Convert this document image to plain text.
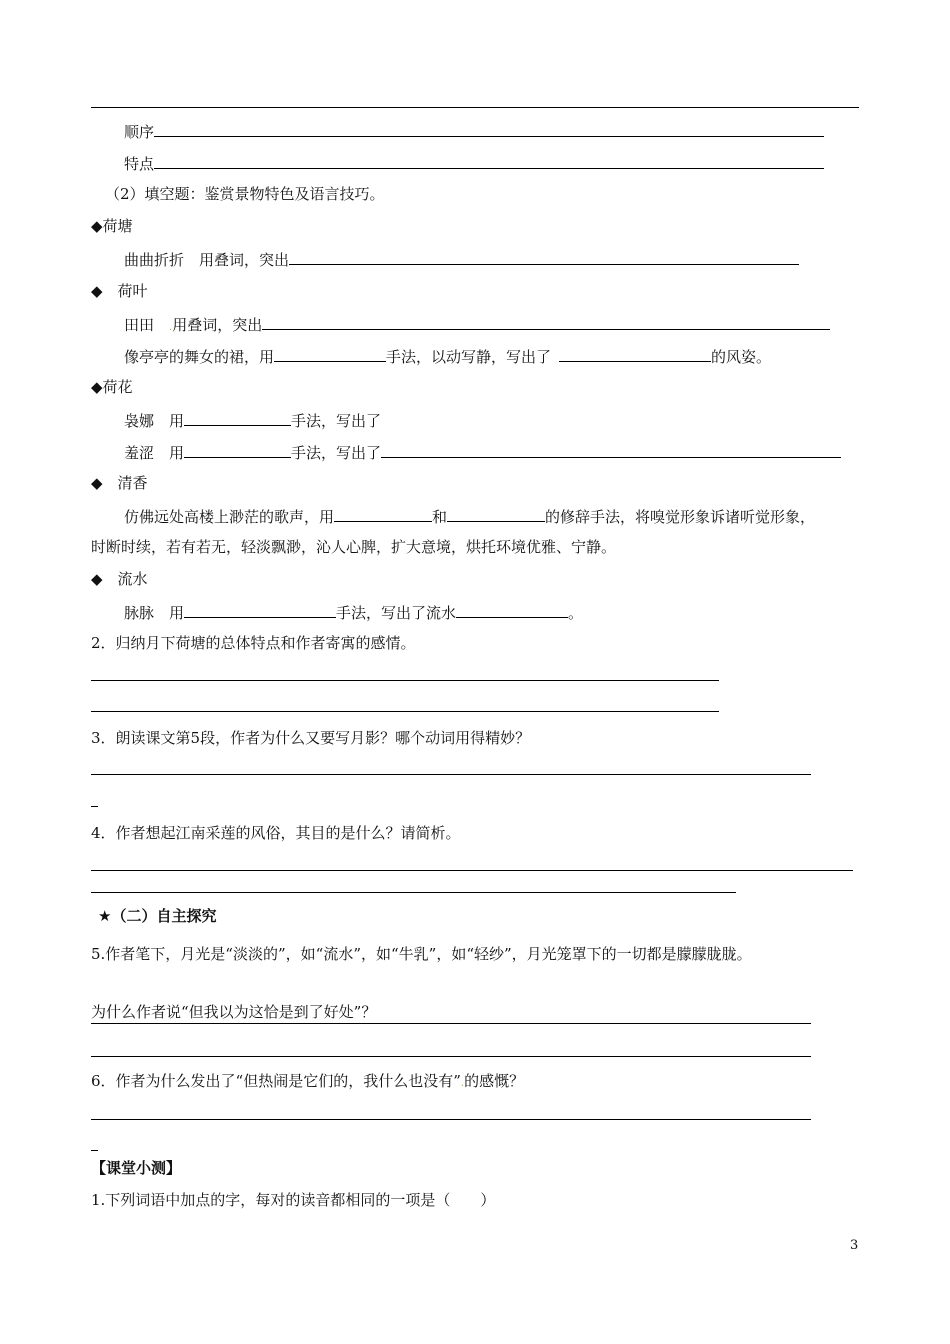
顺序
特点
（2）填空题：鉴赏景物特色及语言技巧。
◆荷塘
曲曲折折　用叠词，突出
◆　荷叶
田田　.用叠词，突出
像亭亭的舞女的裙，用	手法，以动写静，写出了	的风姿。
◆荷花
袅娜　用	手法，写出了
羞涩　用	手法，写出了
◆　清香
仿佛远处高楼上渺茫的歌声，用	和	的修辞手法，将嗅觉形象诉诸听觉形象，
时断时续，若有若无，轻淡飘渺，沁人心脾，扩大意境，烘托环境优雅、宁静。
◆　流水
脉脉　用	手法，写出了流水	。
2．归纳月下荷塘的总体特点和作者寄寓的感情。
3．朗读课文第5段，作者为什么又要写月影？哪个动词用得精妙？
4．作者想起江南采莲的风俗，其目的是什么？请简析。
★（二）自主探究
5.作者笔下，月光是“淡淡的”，如“流水”，如“牛乳”，如“轻纱”，月光笼罩下的一切都是朦朦胧胧。
为什么作者说“但我以为这恰是到了好处”？
6．作者为什么发出了“但热闹是它们的，我什么也没有”.的感慨？
【课堂小测】
1.下列词语中加点的字，每对的读音都相同的一项是（　　）
3
